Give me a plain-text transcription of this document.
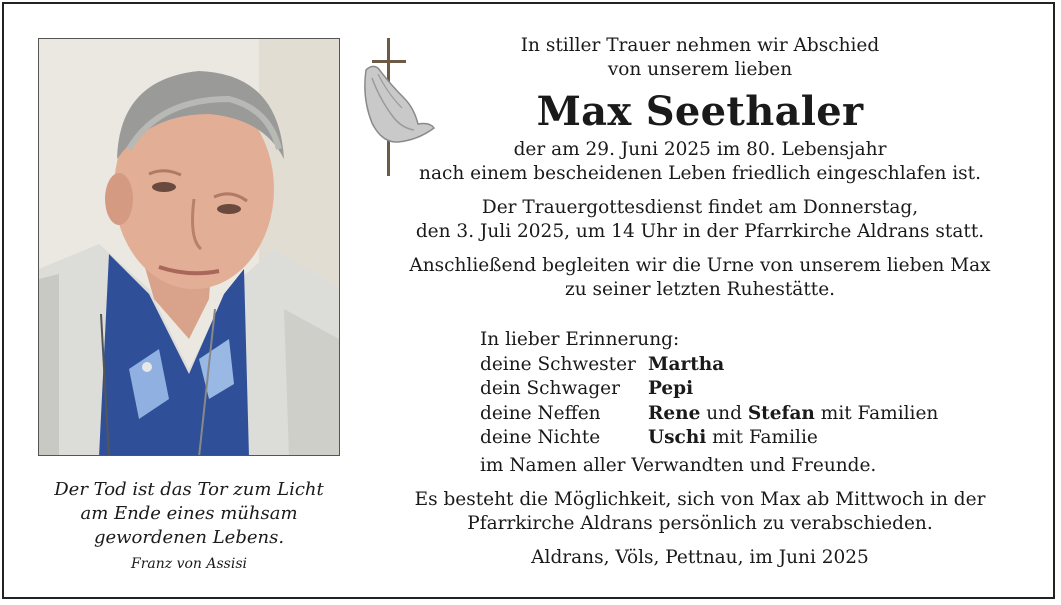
Der Tod ist das Tor zum Licht
am Ende eines mühsam
gewordenen Lebens.
Franz von Assisi
In stiller Trauer nehmen wir Abschied
von unserem lieben
Max Seethaler
der am 29. Juni 2025 im 80. Lebensjahr
nach einem bescheidenen Leben friedlich eingeschlafen ist.
Der Trauergottesdienst findet am Donnerstag,
den 3. Juli 2025, um 14 Uhr in der Pfarrkirche Aldrans statt.
Anschließend begleiten wir die Urne von unserem lieben Max
zu seiner letzten Ruhestätte.
In lieber Erinnerung:
deine Schwester	Martha
dein Schwager	Pepi
deine Neffen	Rene und Stefan mit Familien
deine Nichte	Uschi mit Familie
im Namen aller Verwandten und Freunde.
Es besteht die Möglichkeit, sich von Max ab Mittwoch in der
Pfarrkirche Aldrans persönlich zu verabschieden.
Aldrans, Völs, Pettnau, im Juni 2025
